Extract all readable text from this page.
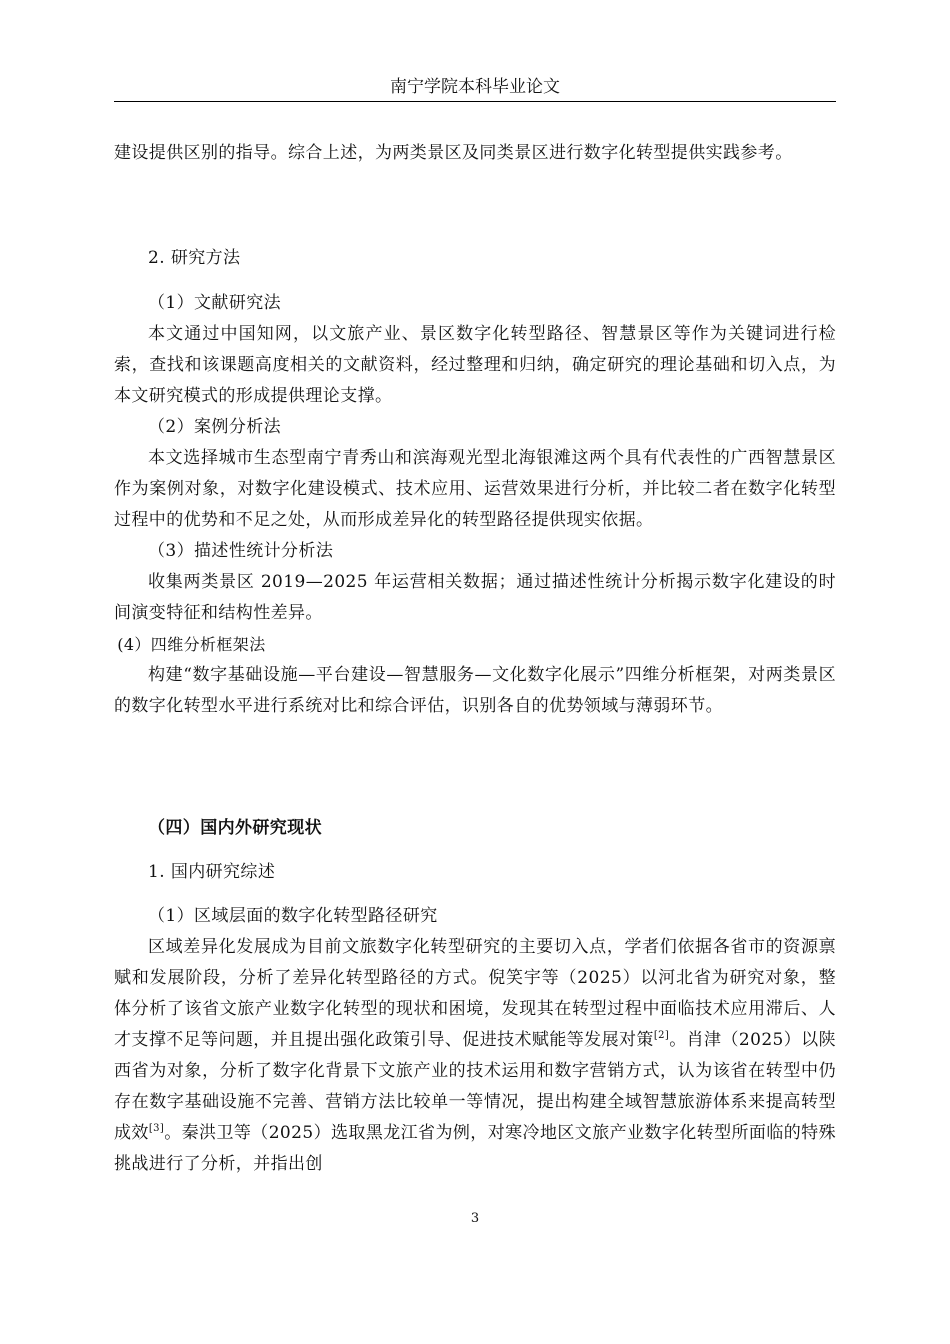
南宁学院本科毕业论文

建设提供区别的指导。综合上述，为两类景区及同类景区进行数字化转型提供实践参考。

2. 研究方法

（1）文献研究法

本文通过中国知网，以文旅产业、景区数字化转型路径、智慧景区等作为关键词进行检索，查找和该课题高度相关的文献资料，经过整理和归纳，确定研究的理论基础和切入点，为本文研究模式的形成提供理论支撑。

（2）案例分析法

本文选择城市生态型南宁青秀山和滨海观光型北海银滩这两个具有代表性的广西智慧景区作为案例对象，对数字化建设模式、技术应用、运营效果进行分析，并比较二者在数字化转型过程中的优势和不足之处，从而形成差异化的转型路径提供现实依据。

（3）描述性统计分析法

收集两类景区 2019—2025 年运营相关数据；通过描述性统计分析揭示数字化建设的时间演变特征和结构性差异。

(4）四维分析框架法

构建“数字基础设施—平台建设—智慧服务—文化数字化展示”四维分析框架，对两类景区的数字化转型水平进行系统对比和综合评估，识别各自的优势领域与薄弱环节。

（四）国内外研究现状

1. 国内研究综述

（1）区域层面的数字化转型路径研究

区域差异化发展成为目前文旅数字化转型研究的主要切入点，学者们依据各省市的资源禀赋和发展阶段，分析了差异化转型路径的方式。倪笑宇等（2025）以河北省为研究对象，整体分析了该省文旅产业数字化转型的现状和困境，发现其在转型过程中面临技术应用滞后、人才支撑不足等问题，并且提出强化政策引导、促进技术赋能等发展对策[2]。肖津（2025）以陕西省为对象，分析了数字化背景下文旅产业的技术运用和数字营销方式，认为该省在转型中仍存在数字基础设施不完善、营销方法比较单一等情况，提出构建全域智慧旅游体系来提高转型成效[3]。秦洪卫等（2025）选取黑龙江省为例，对寒冷地区文旅产业数字化转型所面临的特殊挑战进行了分析，并指出创

3
